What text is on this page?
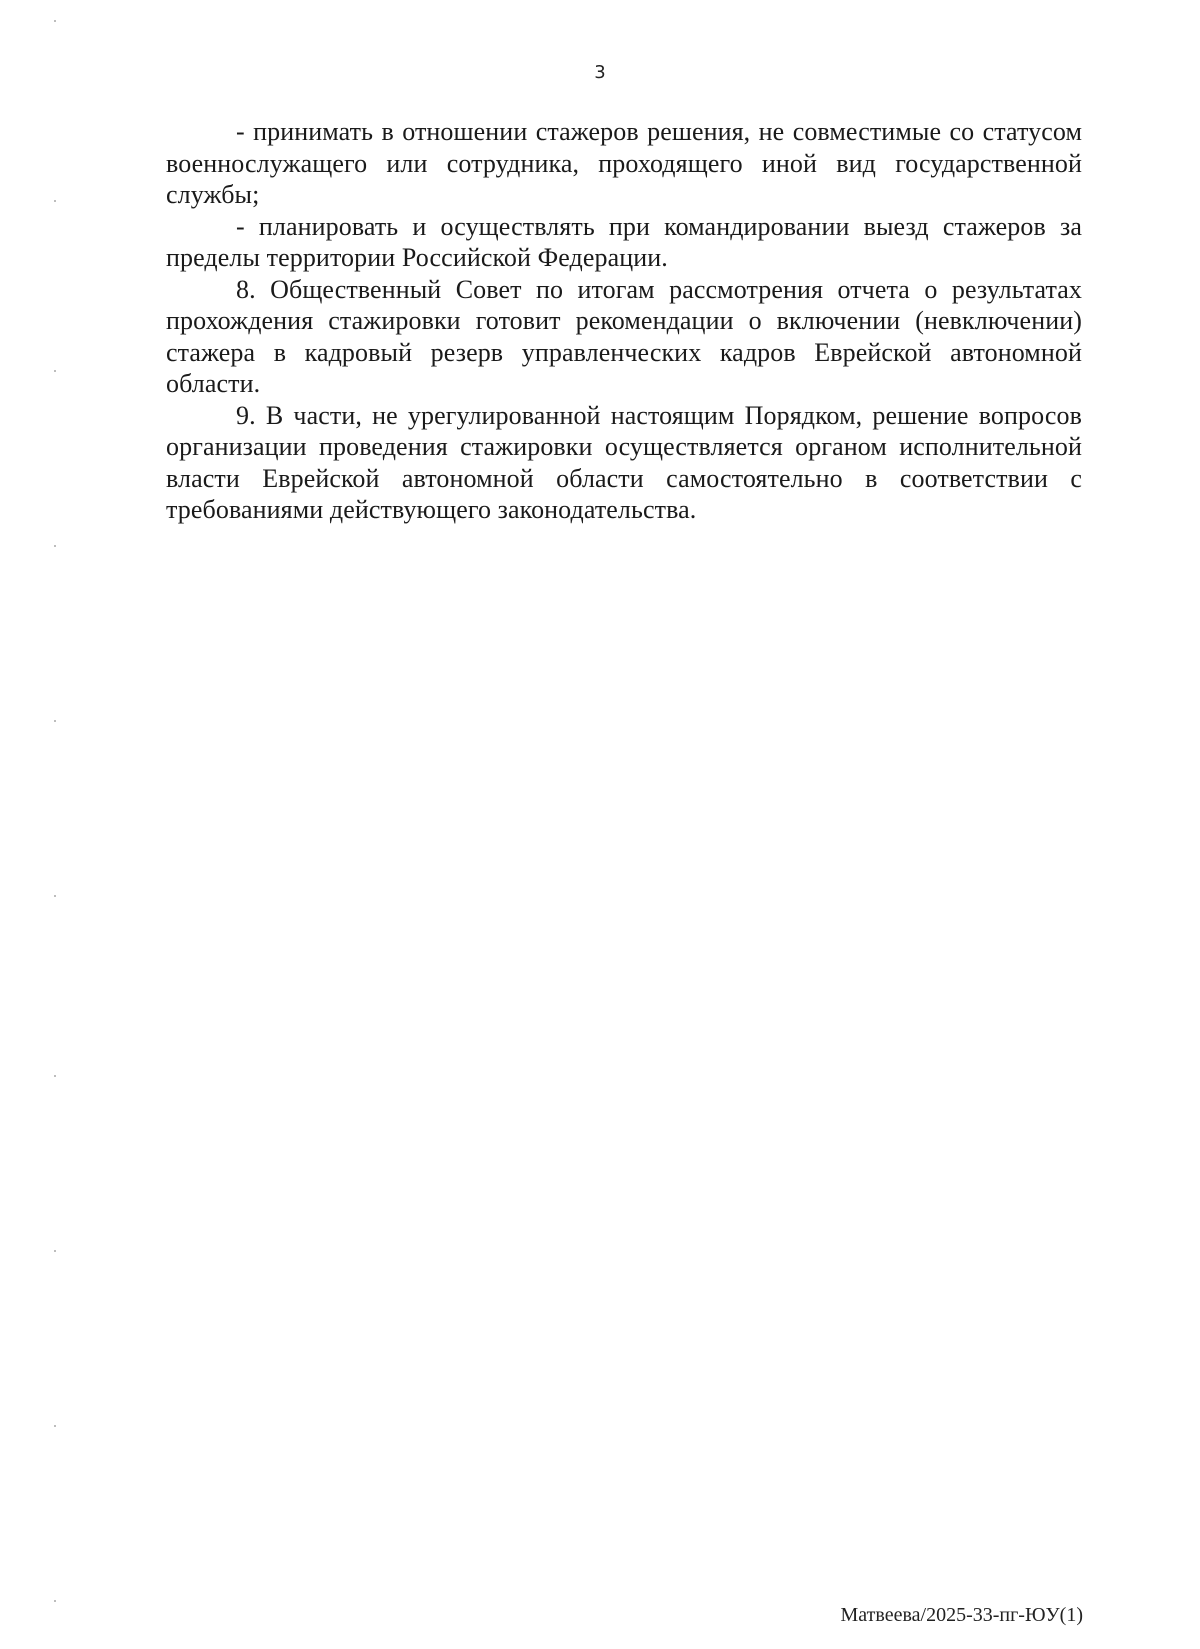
3

- принимать в отношении стажеров решения, не совместимые со статусом военнослужащего или сотрудника, проходящего иной вид государственной службы;

- планировать и осуществлять при командировании выезд стажеров за пределы территории Российской Федерации.

8. Общественный Совет по итогам рассмотрения отчета о результатах прохождения стажировки готовит рекомендации о включении (невключении) стажера в кадровый резерв управленческих кадров Еврейской автономной области.

9. В части, не урегулированной настоящим Порядком, решение вопросов организации проведения стажировки осуществляется органом исполнительной власти Еврейской автономной области самостоятельно в соответствии с требованиями действующего законодательства.

Матвеева/2025-33-пг-ЮУ(1)
